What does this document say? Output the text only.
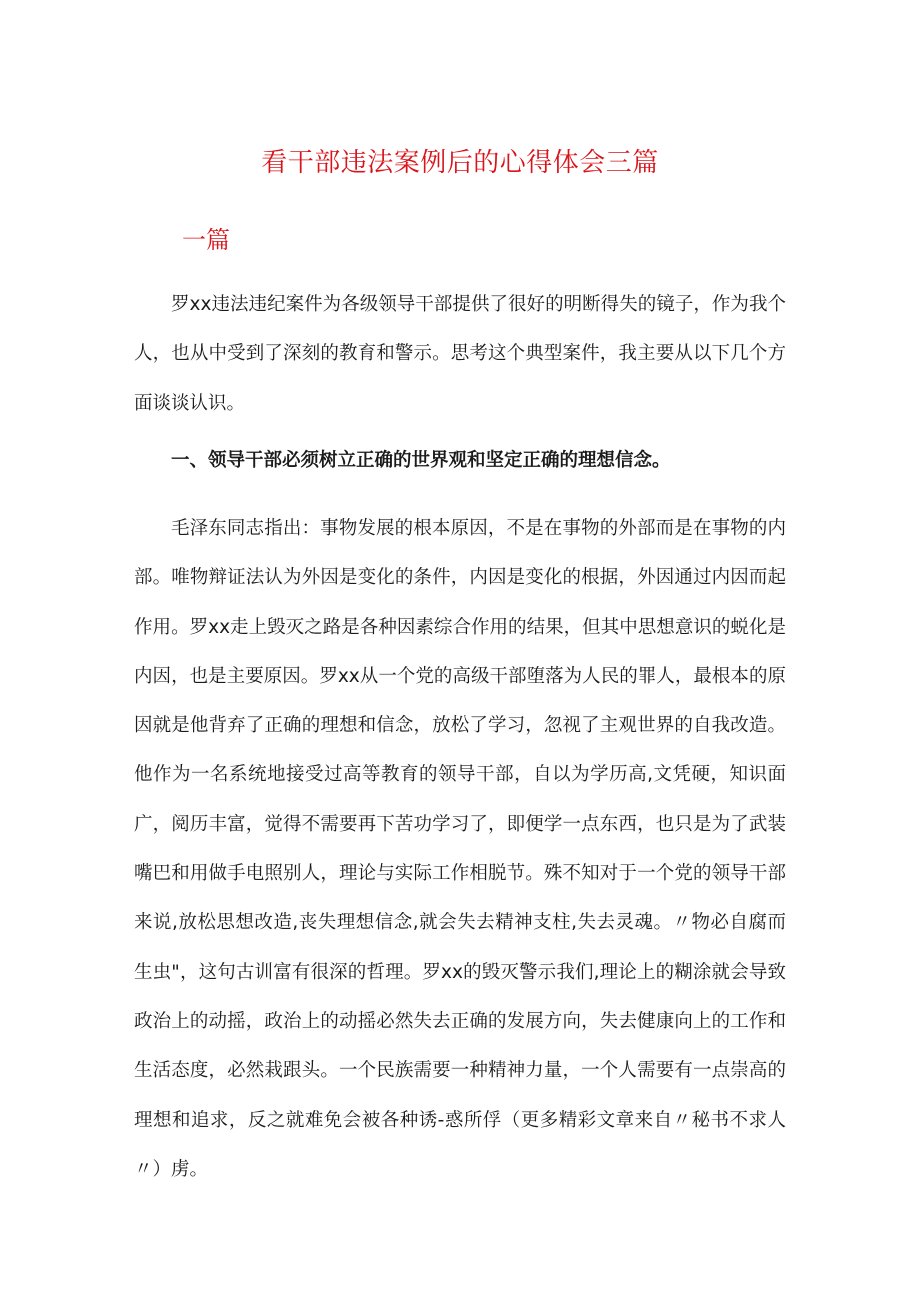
看干部违法案例后的心得体会三篇
一篇

罗xx违法违纪案件为各级领导干部提供了很好的明断得失的镜子，作为我个人，也从中受到了深刻的教育和警示。思考这个典型案件，我主要从以下几个方面谈谈认识。

一、领导干部必须树立正确的世界观和坚定正确的理想信念。

毛泽东同志指出：事物发展的根本原因，不是在事物的外部而是在事物的内部。唯物辩证法认为外因是变化的条件，内因是变化的根据，外因通过内因而起作用。罗xx走上毁灭之路是各种因素综合作用的结果，但其中思想意识的蜕化是内因，也是主要原因。罗xx从一个党的高级干部堕落为人民的罪人，最根本的原因就是他背弃了正确的理想和信念，放松了学习，忽视了主观世界的自我改造。他作为一名系统地接受过高等教育的领导干部，自以为学历高,文凭硬，知识面广，阅历丰富，觉得不需要再下苦功学习了，即便学一点东西，也只是为了武装嘴巴和用做手电照别人，理论与实际工作相脱节。殊不知对于一个党的领导干部来说,放松思想改造,丧失理想信念,就会失去精神支柱,失去灵魂。〃物必自腐而生虫"，这句古训富有很深的哲理。罗xx的毁灭警示我们,理论上的糊涂就会导致政治上的动摇，政治上的动摇必然失去正确的发展方向，失去健康向上的工作和生活态度，必然栽跟头。一个民族需要一种精神力量，一个人需要有一点崇高的理想和追求，反之就难免会被各种诱-惑所俘（更多精彩文章来自〃秘书不求人〃）虏。
